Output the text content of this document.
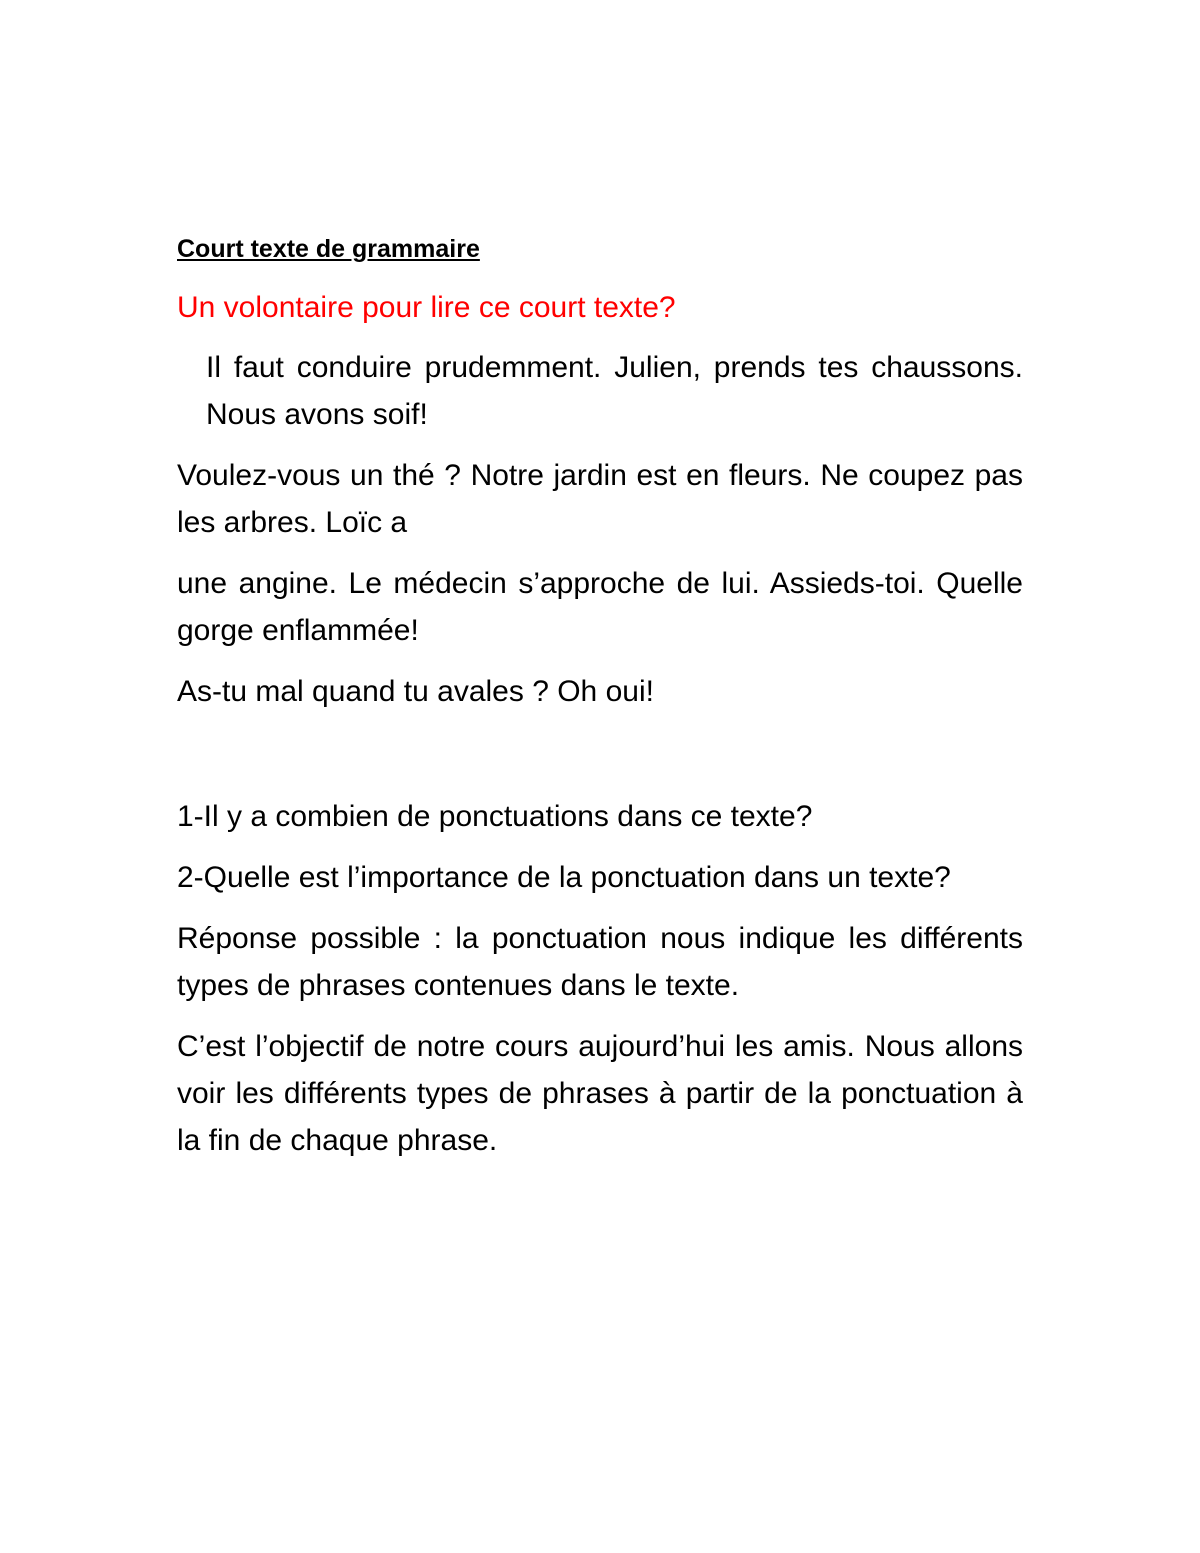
Court texte de grammaire
Un volontaire pour lire ce court texte?
Il faut conduire prudemment. Julien, prends tes chaussons. Nous avons soif!
Voulez-vous un thé ? Notre jardin est en fleurs. Ne coupez pas les arbres. Loïc a
une angine. Le médecin s’approche de lui. Assieds-toi. Quelle gorge enflammée!
As-tu mal quand tu avales ? Oh oui!
1-Il y a combien de ponctuations dans ce texte?
2-Quelle est l’importance de la ponctuation dans un texte?
Réponse possible : la ponctuation nous indique les différents types de phrases contenues dans le texte.
C’est l’objectif de notre cours aujourd’hui les amis. Nous allons voir les différents types de phrases à partir de la ponctuation à la fin de chaque phrase.
